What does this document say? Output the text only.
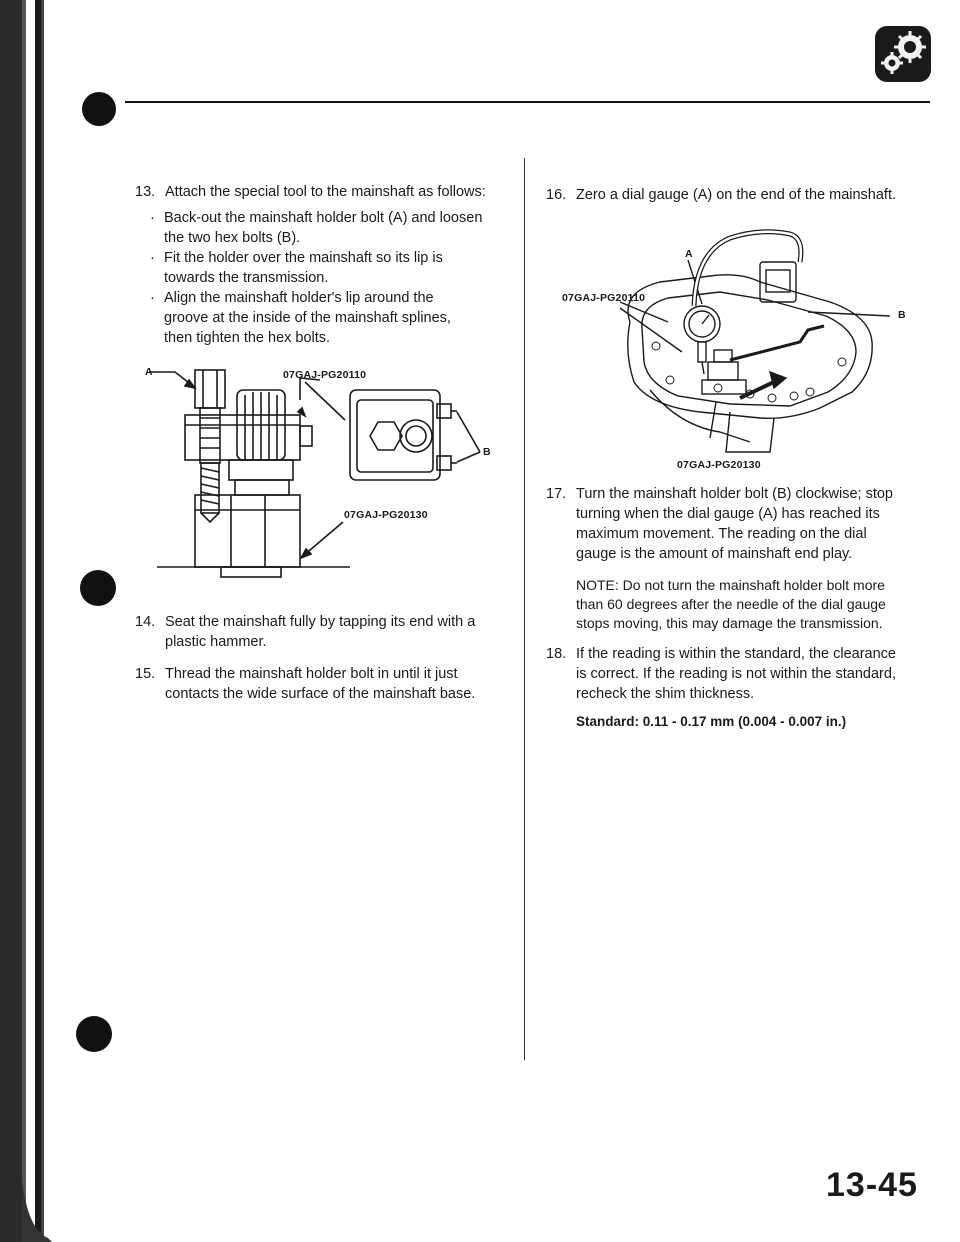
13. Attach the special tool to the mainshaft as follows:
· Back-out the mainshaft holder bolt (A) and loosen
the two hex bolts (B).
· Fit the holder over the mainshaft so its lip is
towards the transmission.
· Align the mainshaft holder's lip around the
groove at the inside of the mainshaft splines,
then tighten the hex bolts.
A
B
07GAJ-PG20110
07GAJ-PG20130
14. Seat the mainshaft fully by tapping its end with a
plastic hammer.
15. Thread the mainshaft holder bolt in until it just
contacts the wide surface of the mainshaft base.
16. Zero a dial gauge (A) on the end of the mainshaft.
A
B
07GAJ-PG20110
07GAJ-PG20130
17. Turn the mainshaft holder bolt (B) clockwise; stop
turning when the dial gauge (A) has reached its
maximum movement. The reading on the dial
gauge is the amount of mainshaft end play.
NOTE: Do not turn the mainshaft holder bolt more
than 60 degrees after the needle of the dial gauge
stops moving, this may damage the transmission.
18. If the reading is within the standard, the clearance
is correct. If the reading is not within the standard,
recheck the shim thickness.
Standard: 0.11 - 0.17 mm (0.004 - 0.007 in.)
13-45
